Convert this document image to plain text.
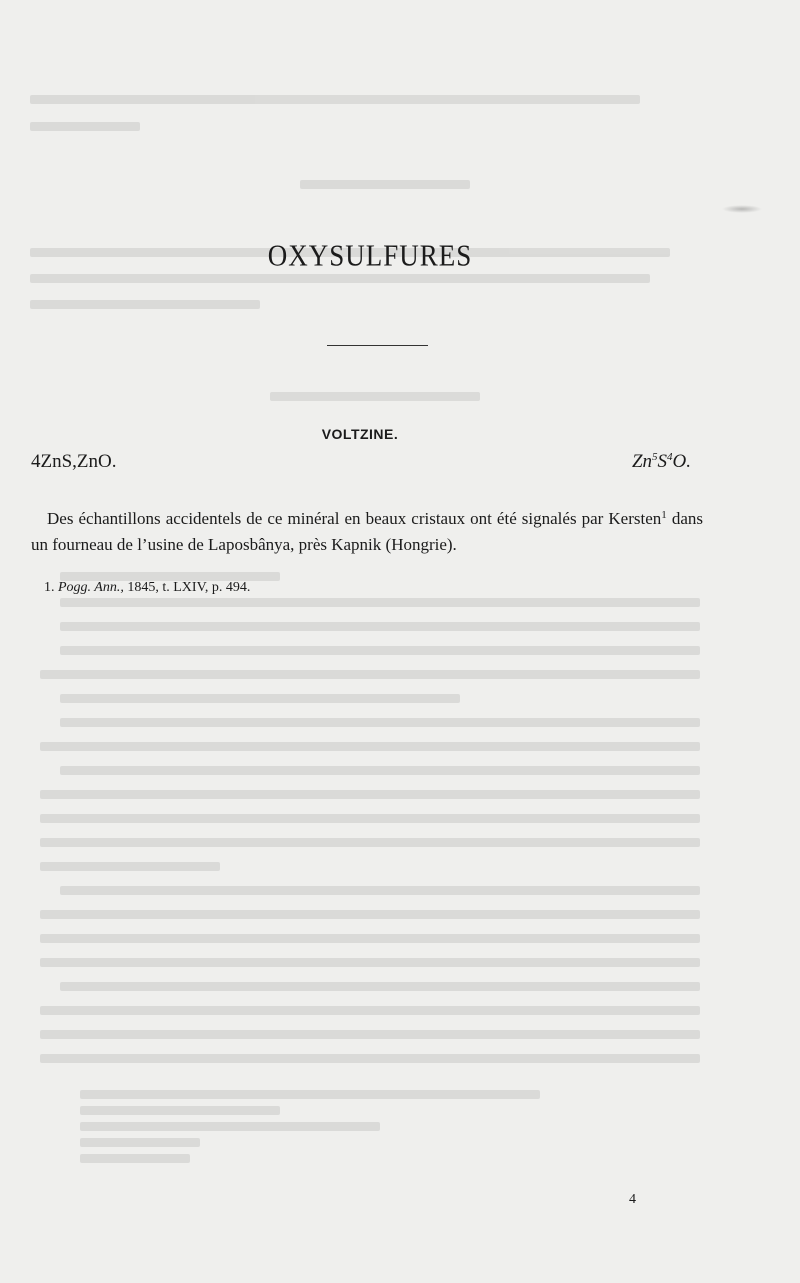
OXYSULFURES
VOLTZINE.
4ZnS,ZnO.	$Zn^5S^4O$.
Des échantillons accidentels de ce minéral en beaux cristaux ont été signalés par Kersten$^1$ dans un fourneau de l’usine de Laposbânya, près Kapnik (Hongrie).
1. Pogg. Ann., 1845, t. LXIV, p. 494.
4
